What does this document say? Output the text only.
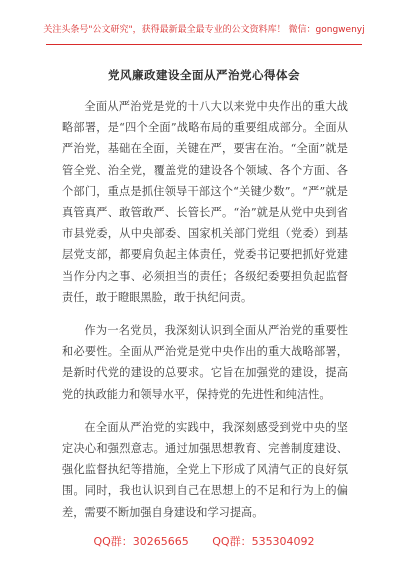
关注头条号"公文研究"，获得最新最全最专业的公文资料库！ 微信：gongwenyj
党风廉政建设全面从严治党心得体会

全面从严治党是党的十八大以来党中央作出的重大战略部署，是“四个全面”战略布局的重要组成部分。全面从严治党，基础在全面，关键在严，要害在治。“全面”就是管全党、治全党，覆盖党的建设各个领域、各个方面、各个部门，重点是抓住领导干部这个“关键少数”。“严”就是真管真严、敢管敢严、长管长严。“治”就是从党中央到省市县党委，从中央部委、国家机关部门党组（党委）到基层党支部，都要肩负起主体责任，党委书记要把抓好党建当作分内之事、必须担当的责任；各级纪委要担负起监督责任，敢于瞪眼黑脸，敢于执纪问责。

作为一名党员，我深刻认识到全面从严治党的重要性和必要性。全面从严治党是党中央作出的重大战略部署，是新时代党的建设的总要求。它旨在加强党的建设，提高党的执政能力和领导水平，保持党的先进性和纯洁性。

在全面从严治党的实践中，我深刻感受到党中央的坚定决心和强烈意志。通过加强思想教育、完善制度建设、强化监督执纪等措施，全党上下形成了风清气正的良好氛围。同时，我也认识到自己在思想上的不足和行为上的偏差，需要不断加强自身建设和学习提高。

QQ群：30265665 QQ群：535304092
